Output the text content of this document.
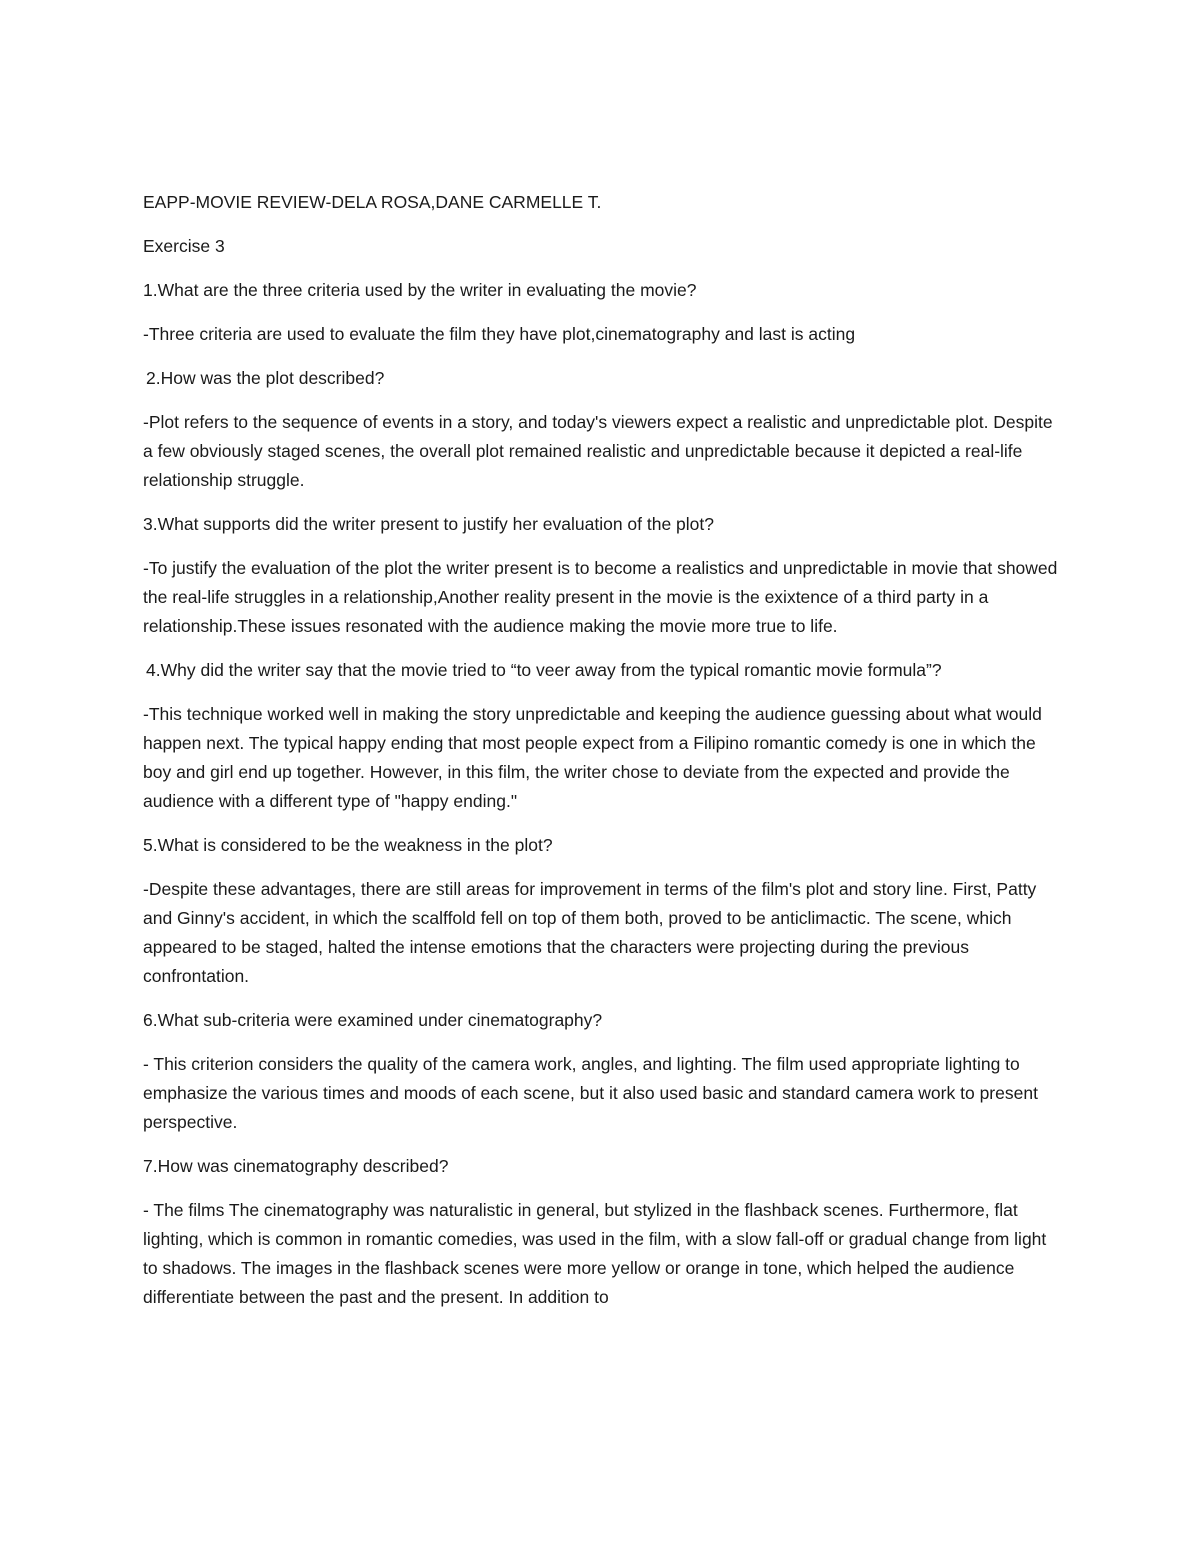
EAPP-MOVIE REVIEW-DELA ROSA,DANE CARMELLE T.

Exercise 3

1.What are the three criteria used by the writer in evaluating the movie?

-Three criteria are used to evaluate the film they have plot,cinematography and last is acting

2.How was the plot described?

-Plot refers to the sequence of events in a story, and today's viewers expect a realistic and unpredictable plot. Despite a few obviously staged scenes, the overall plot remained realistic and unpredictable because it depicted a real-life relationship struggle.

3.What supports did the writer present to justify her evaluation of the plot?

-To justify the evaluation of the plot the writer present is to become a realistics and unpredictable in movie that showed the real-life struggles in a relationship,Another reality present in the movie is the exixtence of a third party in a relationship.These issues resonated with the audience making the movie more true to life.

4.Why did the writer say that the movie tried to “to veer away from the typical romantic movie formula”?

-This technique worked well in making the story unpredictable and keeping the audience guessing about what would happen next. The typical happy ending that most people expect from a Filipino romantic comedy is one in which the boy and girl end up together. However, in this film, the writer chose to deviate from the expected and provide the audience with a different type of "happy ending."

5.What is considered to be the weakness in the plot?

-Despite these advantages, there are still areas for improvement in terms of the film's plot and story line. First, Patty and Ginny's accident, in which the scalffold fell on top of them both, proved to be anticlimactic. The scene, which appeared to be staged, halted the intense emotions that the characters were projecting during the previous confrontation.

6.What sub-criteria were examined under cinematography?

- This criterion considers the quality of the camera work, angles, and lighting. The film used appropriate lighting to emphasize the various times and moods of each scene, but it also used basic and standard camera work to present perspective.

7.How was cinematography described?

- The films The cinematography was naturalistic in general, but stylized in the flashback scenes. Furthermore, flat lighting, which is common in romantic comedies, was used in the film, with a slow fall-off or gradual change from light to shadows. The images in the flashback scenes were more yellow or orange in tone, which helped the audience differentiate between the past and the present. In addition to
